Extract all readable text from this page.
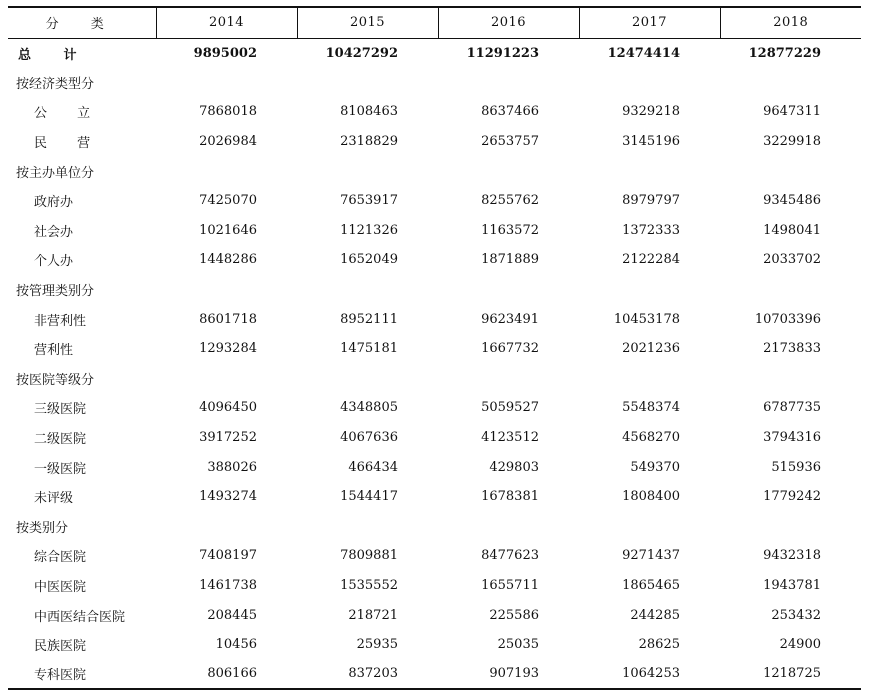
分 类	2014	2015	2016	2017	2018
总 计	9895002	10427292	11291223	12474414	12877229
按经济类型分					
公 立	7868018	8108463	8637466	9329218	9647311
民 营	2026984	2318829	2653757	3145196	3229918
按主办单位分					
政府办	7425070	7653917	8255762	8979797	9345486
社会办	1021646	1121326	1163572	1372333	1498041
个人办	1448286	1652049	1871889	2122284	2033702
按管理类别分					
非营利性	8601718	8952111	9623491	10453178	10703396
营利性	1293284	1475181	1667732	2021236	2173833
按医院等级分					
三级医院	4096450	4348805	5059527	5548374	6787735
二级医院	3917252	4067636	4123512	4568270	3794316
一级医院	388026	466434	429803	549370	515936
未评级	1493274	1544417	1678381	1808400	1779242
按类别分					
综合医院	7408197	7809881	8477623	9271437	9432318
中医医院	1461738	1535552	1655711	1865465	1943781
中西医结合医院	208445	218721	225586	244285	253432
民族医院	10456	25935	25035	28625	24900
专科医院	806166	837203	907193	1064253	1218725
